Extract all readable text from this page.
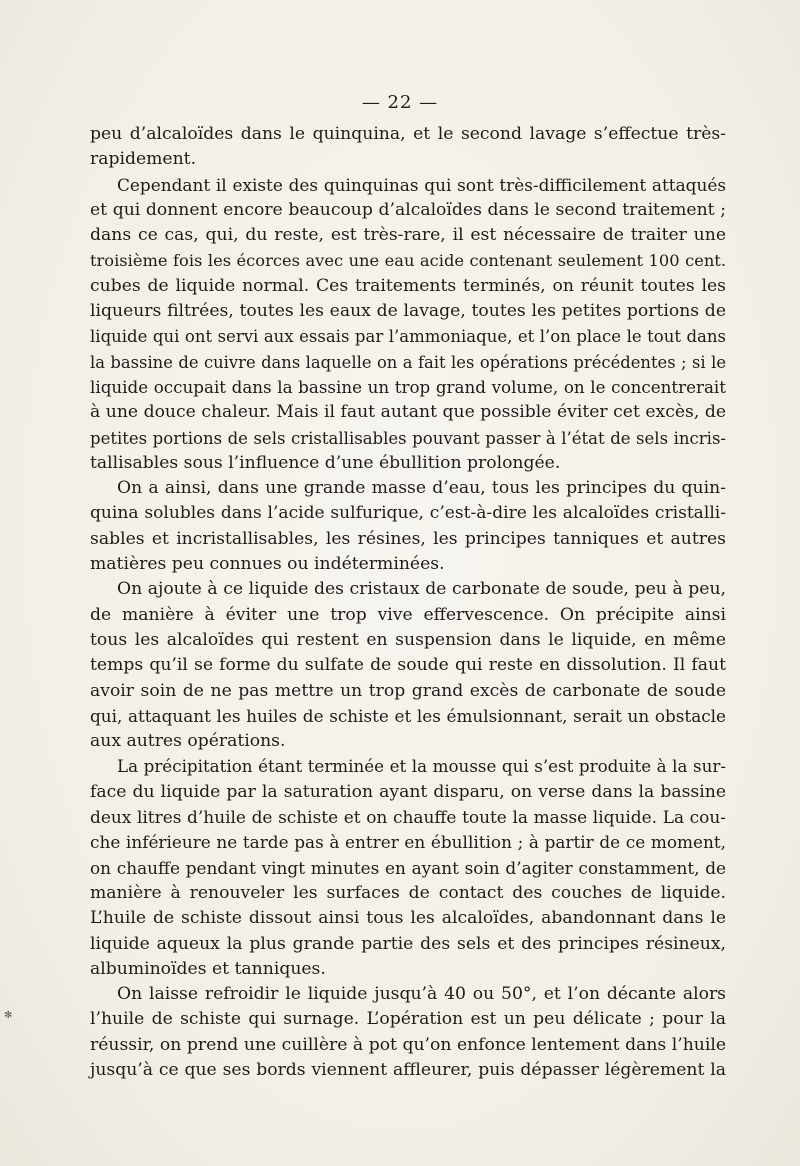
— 22 —
peu d’alcaloïdes dans le quinquina, et le second lavage s’effectue très-
rapidement.
Cependant il existe des quinquinas qui sont très-difficilement attaqués
et qui donnent encore beaucoup d’alcaloïdes dans le second traitement ;
dans ce cas, qui, du reste, est très-rare, il est nécessaire de traiter une
troisième fois les écorces avec une eau acide contenant seulement 100 cent.
cubes de liquide normal. Ces traitements terminés, on réunit toutes les
liqueurs filtrées, toutes les eaux de lavage, toutes les petites portions de
liquide qui ont servi aux essais par l’ammoniaque, et l’on place le tout dans
la bassine de cuivre dans laquelle on a fait les opérations précédentes ; si le
liquide occupait dans la bassine un trop grand volume, on le concentrerait
à une douce chaleur. Mais il faut autant que possible éviter cet excès, de
petites portions de sels cristallisables pouvant passer à l’état de sels incris-
tallisables sous l’influence d’une ébullition prolongée.
On a ainsi, dans une grande masse d’eau, tous les principes du quin-
quina solubles dans l’acide sulfurique, c’est-à-dire les alcaloïdes cristalli-
sables et incristallisables, les résines, les principes tanniques et autres
matières peu connues ou indéterminées.
On ajoute à ce liquide des cristaux de carbonate de soude, peu à peu,
de manière à éviter une trop vive effervescence. On précipite ainsi
tous les alcaloïdes qui restent en suspension dans le liquide, en même
temps qu’il se forme du sulfate de soude qui reste en dissolution. Il faut
avoir soin de ne pas mettre un trop grand excès de carbonate de soude
qui, attaquant les huiles de schiste et les émulsionnant, serait un obstacle
aux autres opérations.
La précipitation étant terminée et la mousse qui s’est produite à la sur-
face du liquide par la saturation ayant disparu, on verse dans la bassine
deux litres d’huile de schiste et on chauffe toute la masse liquide. La cou-
che inférieure ne tarde pas à entrer en ébullition ; à partir de ce moment,
on chauffe pendant vingt minutes en ayant soin d’agiter constamment, de
manière à renouveler les surfaces de contact des couches de liquide.
L’huile de schiste dissout ainsi tous les alcaloïdes, abandonnant dans le
liquide aqueux la plus grande partie des sels et des principes résineux,
albuminoïdes et tanniques.
On laisse refroidir le liquide jusqu’à 40 ou 50°, et l’on décante alors
l’huile de schiste qui surnage. L’opération est un peu délicate ; pour la
réussir, on prend une cuillère à pot qu’on enfonce lentement dans l’huile
jusqu’à ce que ses bords viennent affleurer, puis dépasser légèrement la
✻
